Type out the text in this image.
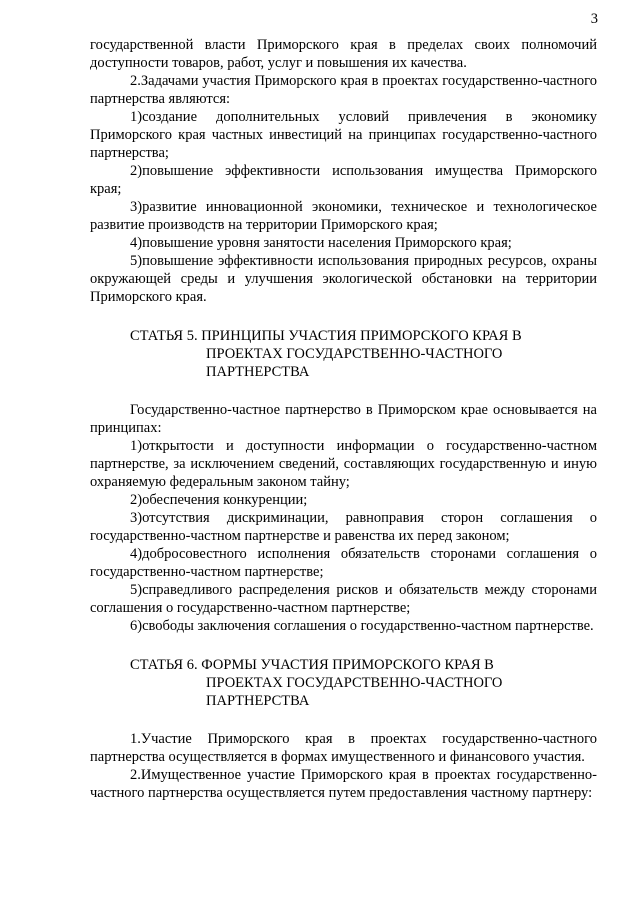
3

государственной власти Приморского края в пределах своих полномочий доступности товаров, работ, услуг и повышения их качества.

2.Задачами участия Приморского края в проектах государственно-частного партнерства являются:

1)создание дополнительных условий привлечения в экономику Приморского края частных инвестиций на принципах государственно-частного партнерства;

2)повышение эффективности использования имущества Приморского края;

3)развитие инновационной экономики, техническое и технологическое развитие производств на территории Приморского края;

4)повышение уровня занятости населения Приморского края;

5)повышение эффективности использования природных ресурсов, охраны окружающей среды и улучшения экологической обстановки на территории Приморского края.

СТАТЬЯ 5. ПРИНЦИПЫ УЧАСТИЯ ПРИМОРСКОГО КРАЯ В
ПРОЕКТАХ ГОСУДАРСТВЕННО-ЧАСТНОГО
ПАРТНЕРСТВА

Государственно-частное партнерство в Приморском крае основывается на принципах:

1)открытости и доступности информации о государственно-частном партнерстве, за исключением сведений, составляющих государственную и иную охраняемую федеральным законом тайну;

2)обеспечения конкуренции;

3)отсутствия дискриминации, равноправия сторон соглашения о государственно-частном партнерстве и равенства их перед законом;

4)добросовестного исполнения обязательств сторонами соглашения о государственно-частном партнерстве;

5)справедливого распределения рисков и обязательств между сторонами соглашения о государственно-частном партнерстве;

6)свободы заключения соглашения о государственно-частном партнерстве.

СТАТЬЯ 6. ФОРМЫ УЧАСТИЯ ПРИМОРСКОГО КРАЯ В
ПРОЕКТАХ ГОСУДАРСТВЕННО-ЧАСТНОГО
ПАРТНЕРСТВА

1.Участие Приморского края в проектах государственно-частного партнерства осуществляется в формах имущественного и финансового участия.

2.Имущественное участие Приморского края в проектах государственно-частного партнерства осуществляется путем предоставления частному партнеру:
